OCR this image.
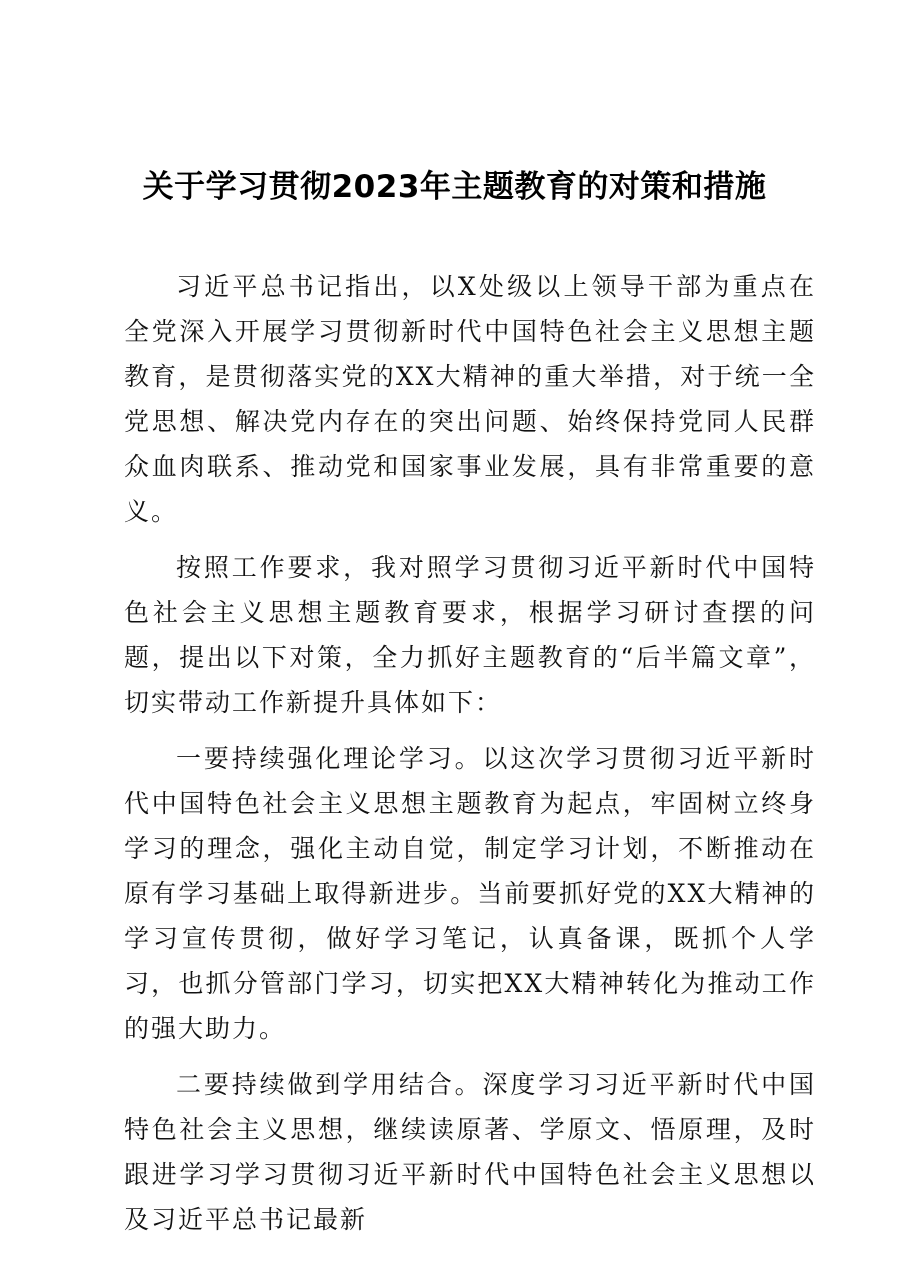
关于学习贯彻2023年主题教育的对策和措施

习近平总书记指出，以X处级以上领导干部为重点在全党深入开展学习贯彻新时代中国特色社会主义思想主题教育，是贯彻落实党的XX大精神的重大举措，对于统一全党思想、解决党内存在的突出问题、始终保持党同人民群众血肉联系、推动党和国家事业发展，具有非常重要的意义。

按照工作要求，我对照学习贯彻习近平新时代中国特色社会主义思想主题教育要求，根据学习研讨查摆的问题，提出以下对策，全力抓好主题教育的“后半篇文章”，切实带动工作新提升具体如下：

一要持续强化理论学习。以这次学习贯彻习近平新时代中国特色社会主义思想主题教育为起点，牢固树立终身学习的理念，强化主动自觉，制定学习计划，不断推动在原有学习基础上取得新进步。当前要抓好党的XX大精神的学习宣传贯彻，做好学习笔记，认真备课，既抓个人学习，也抓分管部门学习，切实把XX大精神转化为推动工作的强大助力。

二要持续做到学用结合。深度学习习近平新时代中国特色社会主义思想，继续读原著、学原文、悟原理，及时跟进学习学习贯彻习近平新时代中国特色社会主义思想以及习近平总书记最新
